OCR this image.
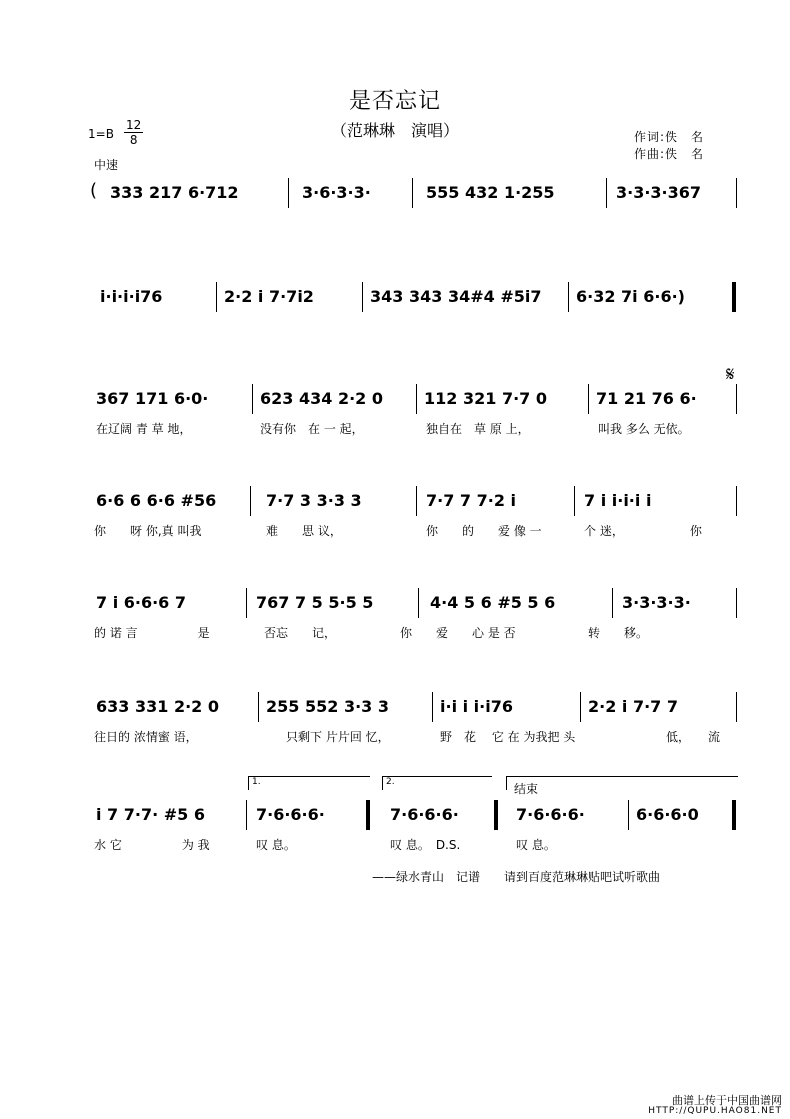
是否忘记
（范琳琳　演唱）
$1=B \frac{12}{8}$
中速
作词:佚　名
作曲:佚　名
( 333 217 6·712	3·6·3·3·	555 432 1·255	3·3·3·367
i·i·i·i76	2·2 i 7·7i2	343 343 34#4 #5i7	6·32 7i 6·6·)
367 171 6·0·	623 434 2·2 0	112 321 7·7 0	71 21 76 6·
𝄋
在辽阔 青 草 地，	没有你　在 一 起，	独自在　草 原 上，	叫我 多么 无依。
6·6 6 6·6 #56	7·7 3 3·3 3	7·7 7 7·2 i	7 i i·i·i i
你　　呀 你,真 叫我	难　　思 议，	你　　的　　爱 像 一	个 迷，　　　　　　你
7 i 6·6·6 7	767 7 5 5·5 5	4·4 5 6 #5 5 6	3·3·3·3·
的 诺 言　　　　　是	否忘　　记，	你　　爱　　心 是 否	转　　移。
633 331 2·2 0	255 552 3·3 3	i·i i i·i76	2·2 i 7·7 7
往日的 浓情蜜 语，	只剩下 片片回 忆，	野　花　 它 在 为我把 头	低，　　流
i 7 7·7· #5 6
1.
7·6·6·6·
2.
7·6·6·6·
结束
7·6·6·6·	6·6·6·0
水 它　　　　　为 我	叹 息。	叹 息。　D.S.	叹 息。
——绿水青山　记谱　　请到百度范琳琳贴吧试听歌曲
曲谱上传于中国曲谱网
HTTP://QUPU.HAO81.NET
